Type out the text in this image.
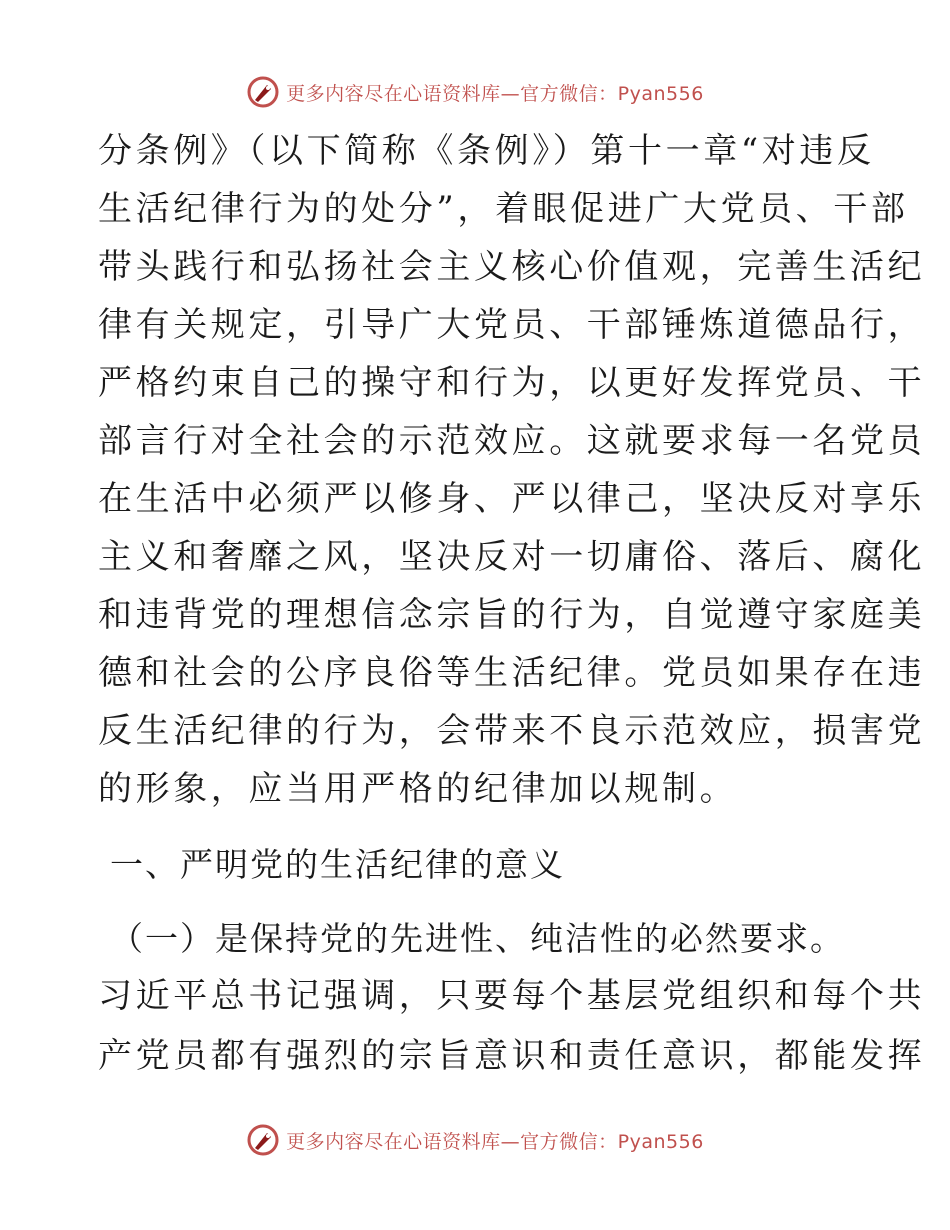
更多内容尽在心语资料库—官方微信：Pyan556
分条例》（以下简称《条例》）第十一章“对违反
生活纪律行为的处分”，着眼促进广大党员、干部
带头践行和弘扬社会主义核心价值观，完善生活纪
律有关规定，引导广大党员、干部锤炼道德品行，
严格约束自己的操守和行为，以更好发挥党员、干
部言行对全社会的示范效应。这就要求每一名党员
在生活中必须严以修身、严以律己，坚决反对享乐
主义和奢靡之风，坚决反对一切庸俗、落后、腐化
和违背党的理想信念宗旨的行为，自觉遵守家庭美
德和社会的公序良俗等生活纪律。党员如果存在违
反生活纪律的行为，会带来不良示范效应，损害党
的形象，应当用严格的纪律加以规制。
一、严明党的生活纪律的意义
（一）是保持党的先进性、纯洁性的必然要求。
习近平总书记强调，只要每个基层党组织和每个共
产党员都有强烈的宗旨意识和责任意识，都能发挥
更多内容尽在心语资料库—官方微信：Pyan556
